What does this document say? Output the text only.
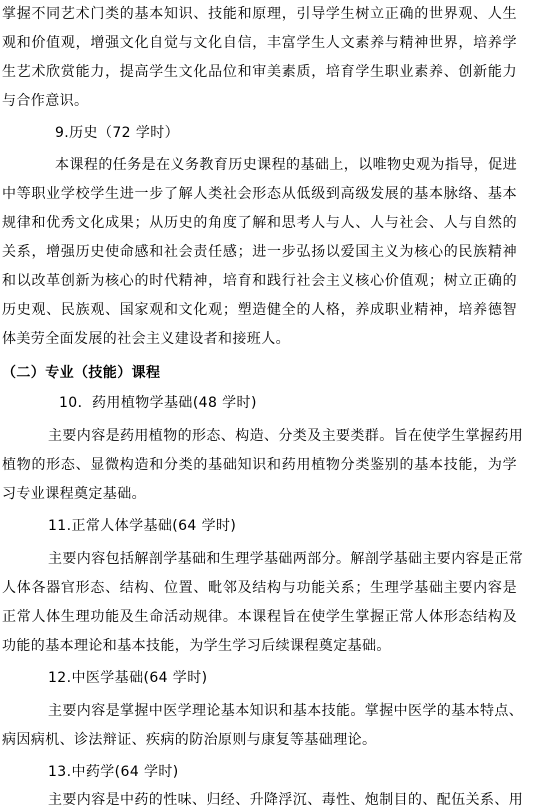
掌握不同艺术门类的基本知识、技能和原理，引导学生树立正确的世界观、人生
观和价值观，增强文化自觉与文化自信，丰富学生人文素养与精神世界，培养学
生艺术欣赏能力，提高学生文化品位和审美素质，培育学生职业素养、创新能力
与合作意识。
9.历史（72 学时）
本课程的任务是在义务教育历史课程的基础上，以唯物史观为指导，促进
中等职业学校学生进一步了解人类社会形态从低级到高级发展的基本脉络、基本
规律和优秀文化成果；从历史的角度了解和思考人与人、人与社会、人与自然的
关系，增强历史使命感和社会责任感；进一步弘扬以爱国主义为核心的民族精神
和以改革创新为核心的时代精神，培育和践行社会主义核心价值观；树立正确的
历史观、民族观、国家观和文化观；塑造健全的人格，养成职业精神，培养德智
体美劳全面发展的社会主义建设者和接班人。
（二）专业（技能）课程
10．药用植物学基础(48 学时)
主要内容是药用植物的形态、构造、分类及主要类群。旨在使学生掌握药用
植物的形态、显微构造和分类的基础知识和药用植物分类鉴别的基本技能，为学
习专业课程奠定基础。
11.正常人体学基础(64 学时)
主要内容包括解剖学基础和生理学基础两部分。解剖学基础主要内容是正常
人体各器官形态、结构、位置、毗邻及结构与功能关系；生理学基础主要内容是
正常人体生理功能及生命活动规律。本课程旨在使学生掌握正常人体形态结构及
功能的基本理论和基本技能，为学生学习后续课程奠定基础。
12.中医学基础(64 学时)
主要内容是掌握中医学理论基本知识和基本技能。掌握中医学的基本特点、
病因病机、诊法辩证、疾病的防治原则与康复等基础理论。
13.中药学(64 学时)
主要内容是中药的性味、归经、升降浮沉、毒性、炮制目的、配伍关系、用
